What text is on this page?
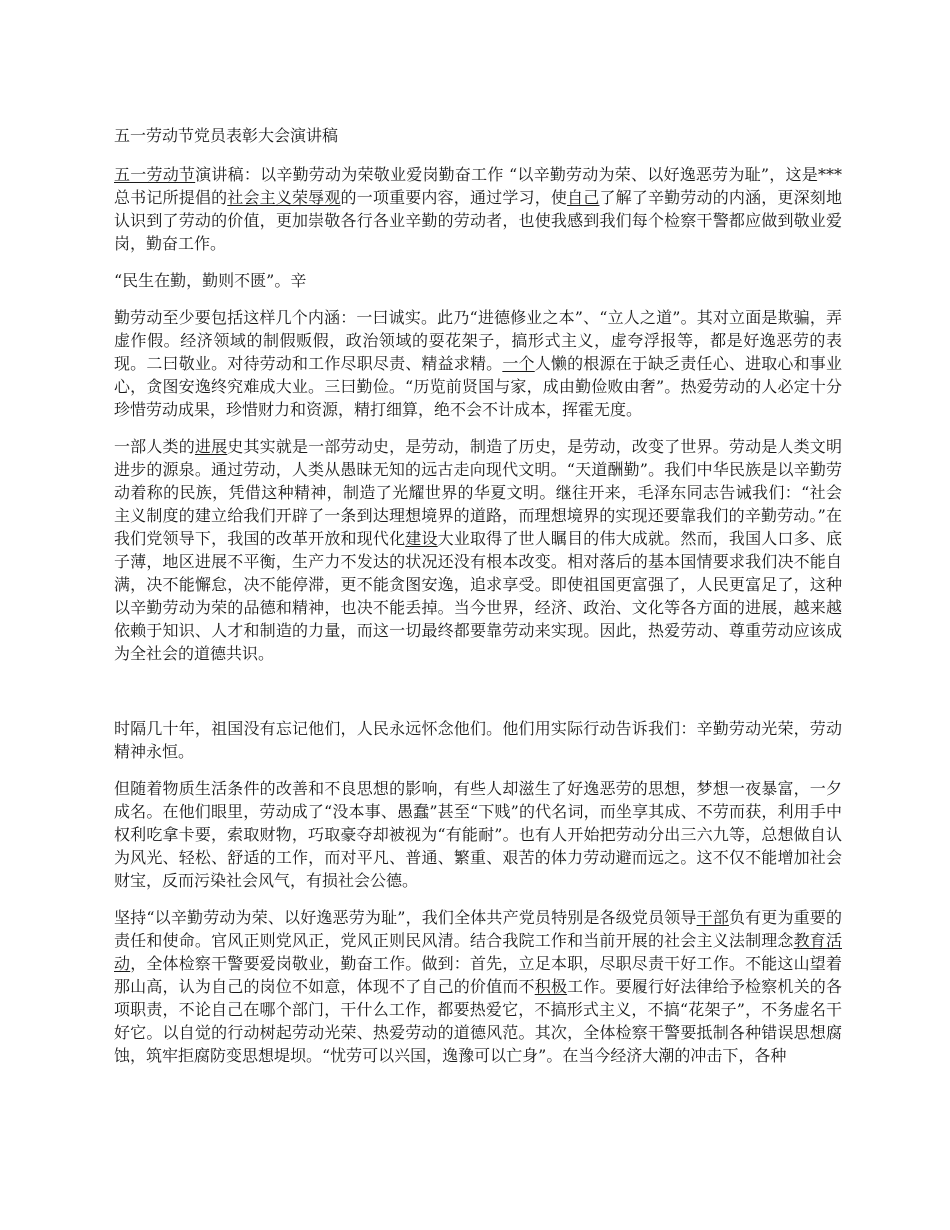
五一劳动节党员表彰大会演讲稿

五一劳动节演讲稿：以辛勤劳动为荣敬业爱岗勤奋工作 “以辛勤劳动为荣、以好逸恶劳为耻”，这是***总书记所提倡的社会主义荣辱观的一项重要内容，通过学习，使自己了解了辛勤劳动的内涵，更深刻地认识到了劳动的价值，更加崇敬各行各业辛勤的劳动者，也使我感到我们每个检察干警都应做到敬业爱岗，勤奋工作。

“民生在勤，勤则不匮”。辛

勤劳动至少要包括这样几个内涵：一曰诚实。此乃“进德修业之本”、“立人之道”。其对立面是欺骗，弄虚作假。经济领域的制假贩假，政治领域的耍花架子，搞形式主义，虚夸浮报等，都是好逸恶劳的表现。二曰敬业。对待劳动和工作尽职尽责、精益求精。一个人懒的根源在于缺乏责任心、进取心和事业心，贪图安逸终究难成大业。三曰勤俭。“历览前贤国与家，成由勤俭败由奢”。热爱劳动的人必定十分珍惜劳动成果，珍惜财力和资源，精打细算，绝不会不计成本，挥霍无度。

一部人类的进展史其实就是一部劳动史，是劳动，制造了历史，是劳动，改变了世界。劳动是人类文明进步的源泉。通过劳动，人类从愚昧无知的远古走向现代文明。“天道酬勤”。我们中华民族是以辛勤劳动着称的民族，凭借这种精神，制造了光耀世界的华夏文明。继往开来，毛泽东同志告诫我们：“社会主义制度的建立给我们开辟了一条到达理想境界的道路，而理想境界的实现还要靠我们的辛勤劳动。”在我们党领导下，我国的改革开放和现代化建设大业取得了世人瞩目的伟大成就。然而，我国人口多、底子薄，地区进展不平衡，生产力不发达的状况还没有根本改变。相对落后的基本国情要求我们决不能自满，决不能懈怠，决不能停滞，更不能贪图安逸，追求享受。即使祖国更富强了，人民更富足了，这种以辛勤劳动为荣的品德和精神，也决不能丢掉。当今世界，经济、政治、文化等各方面的进展，越来越依赖于知识、人才和制造的力量，而这一切最终都要靠劳动来实现。因此，热爱劳动、尊重劳动应该成为全社会的道德共识。

时隔几十年，祖国没有忘记他们，人民永远怀念他们。他们用实际行动告诉我们：辛勤劳动光荣，劳动精神永恒。

但随着物质生活条件的改善和不良思想的影响，有些人却滋生了好逸恶劳的思想，梦想一夜暴富，一夕成名。在他们眼里，劳动成了“没本事、愚蠢”甚至“下贱”的代名词，而坐享其成、不劳而获，利用手中权利吃拿卡要，索取财物，巧取豪夺却被视为“有能耐”。也有人开始把劳动分出三六九等，总想做自认为风光、轻松、舒适的工作，而对平凡、普通、繁重、艰苦的体力劳动避而远之。这不仅不能增加社会财宝，反而污染社会风气，有损社会公德。

坚持“以辛勤劳动为荣、以好逸恶劳为耻”，我们全体共产党员特别是各级党员领导干部负有更为重要的责任和使命。官风正则党风正，党风正则民风清。结合我院工作和当前开展的社会主义法制理念教育活动，全体检察干警要爱岗敬业，勤奋工作。做到：首先，立足本职，尽职尽责干好工作。不能这山望着那山高，认为自己的岗位不如意，体现不了自己的价值而不积极工作。要履行好法律给予检察机关的各项职责，不论自己在哪个部门，干什么工作，都要热爱它，不搞形式主义，不搞“花架子”，不务虚名干好它。以自觉的行动树起劳动光荣、热爱劳动的道德风范。其次，全体检察干警要抵制各种错误思想腐蚀，筑牢拒腐防变思想堤坝。“忧劳可以兴国，逸豫可以亡身”。在当今经济大潮的冲击下，各种
